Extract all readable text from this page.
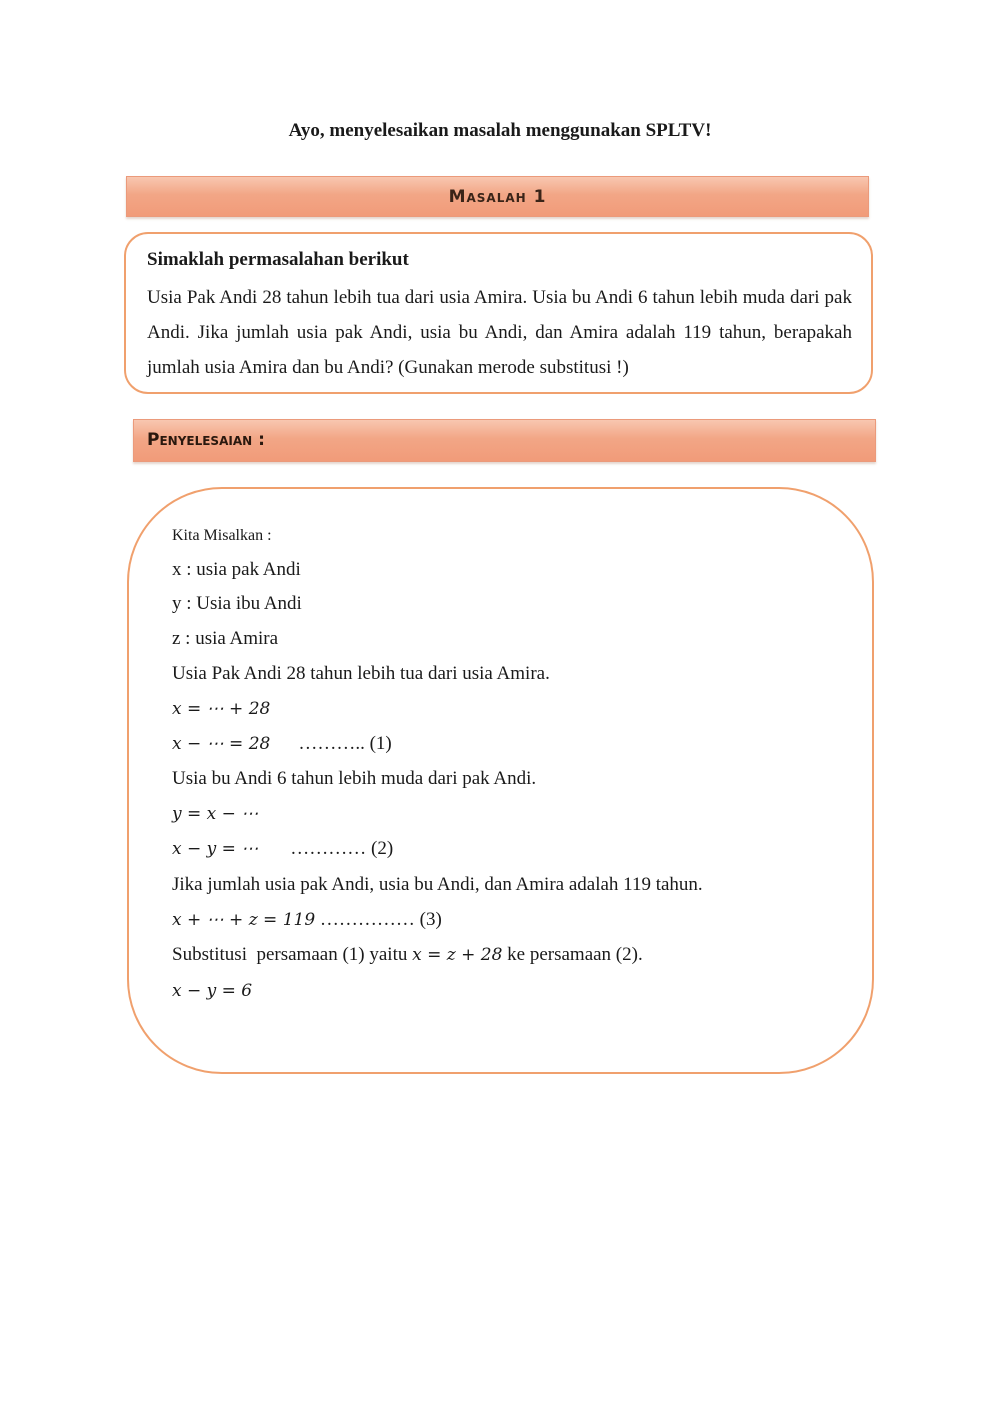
Ayo, menyelesaikan masalah menggunakan SPLTV!
Masalah 1
Simaklah permasalahan berikut
Usia Pak Andi 28 tahun lebih tua dari usia Amira. Usia bu Andi 6 tahun lebih muda dari pak Andi. Jika jumlah usia pak Andi, usia bu Andi, dan Amira adalah 119 tahun, berapakah jumlah usia Amira dan bu Andi? (Gunakan merode substitusi !)
Penyelesaian :
Kita Misalkan :
x : usia pak Andi
y : Usia ibu Andi
z : usia Amira
Usia Pak Andi 28 tahun lebih tua dari usia Amira.
x = ⋯ + 28
x − ⋯ = 28 ……….. (1)
Usia bu Andi 6 tahun lebih muda dari pak Andi.
y = x − ⋯
x − y = ⋯ ………… (2)
Jika jumlah usia pak Andi, usia bu Andi, dan Amira adalah 119 tahun.
x + ⋯ + z = 119 …………… (3)
Substitusi  persamaan (1) yaitu x = z + 28 ke persamaan (2).
x − y = 6
